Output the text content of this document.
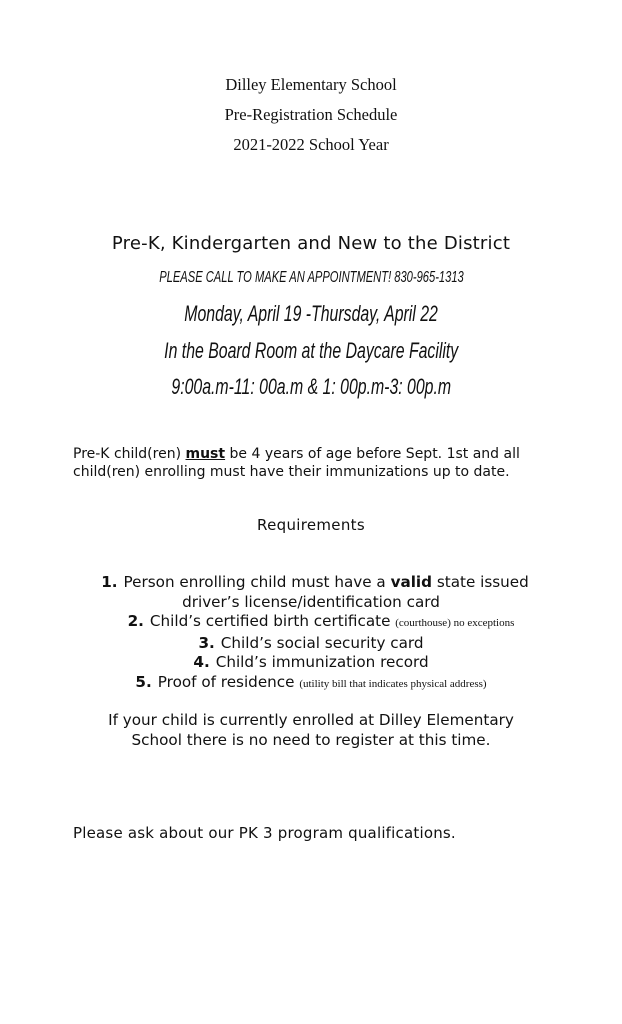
Dilley Elementary School
Pre-Registration Schedule
2021-2022 School Year
Pre-K, Kindergarten and New to the District
PLEASE CALL TO MAKE AN APPOINTMENT! 830-965-1313
Monday, April 19 -Thursday, April 22
In the Board Room at the Daycare Facility
9:00a.m-11: 00a.m & 1: 00p.m-3: 00p.m
Pre-K child(ren) must be 4 years of age before Sept. 1st and all child(ren) enrolling must have their immunizations up to date.
Requirements
1. Person enrolling child must have a valid state issued
driver’s license/identification card
2. Child’s certified birth certificate (courthouse) no exceptions
3. Child’s social security card
4. Child’s immunization record
5. Proof of residence (utility bill that indicates physical address)
If your child is currently enrolled at Dilley Elementary
School there is no need to register at this time.
Please ask about our PK 3 program qualifications.
